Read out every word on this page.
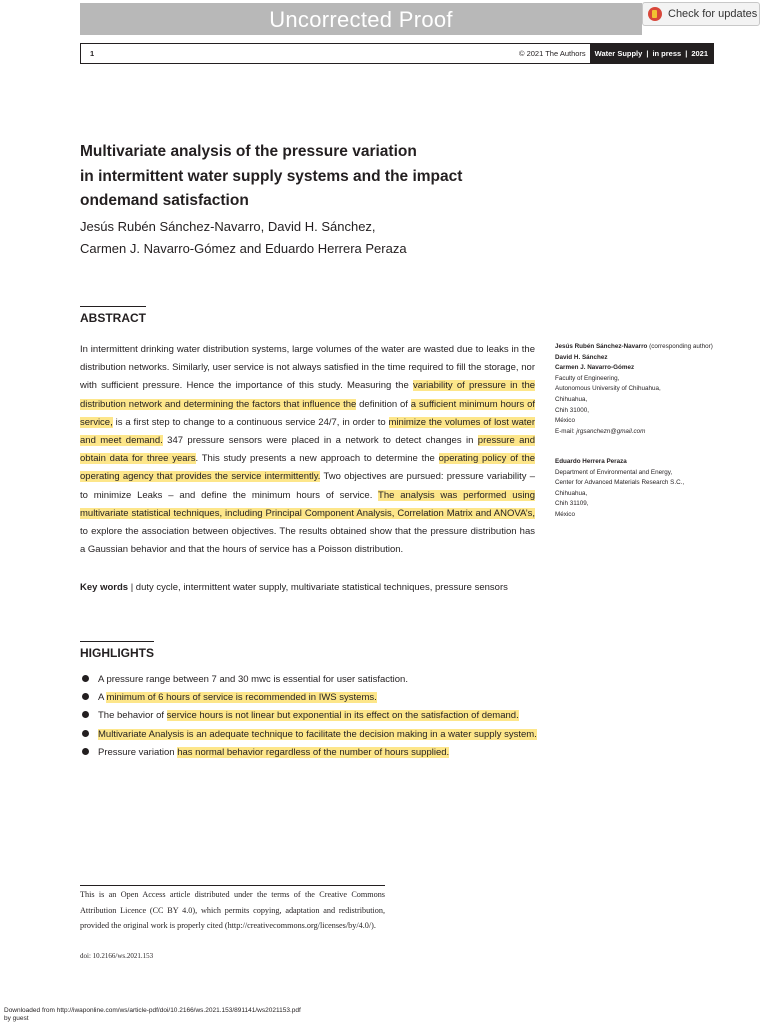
Uncorrected Proof	Check for updates
1	© 2021 The Authors Water Supply | in press | 2021
Multivariate analysis of the pressure variation
in intermittent water supply systems and the impact
ondemand satisfaction
Jesús Rubén Sánchez-Navarro, David H. Sánchez,
Carmen J. Navarro-Gómez and Eduardo Herrera Peraza
ABSTRACT
In intermittent drinking water distribution systems, large volumes of the water are wasted due to leaks in the distribution networks. Similarly, user service is not always satisfied in the time required to fill the storage, nor with sufficient pressure. Hence the importance of this study. Measuring the variability of pressure in the distribution network and determining the factors that influence the definition of a sufficient minimum hours of service, is a first step to change to a continuous service 24/7, in order to minimize the volumes of lost water and meet demand. 347 pressure sensors were placed in a network to detect changes in pressure and obtain data for three years. This study presents a new approach to determine the operating policy of the operating agency that provides the service intermittently. Two objectives are pursued: pressure variability – to minimize Leaks – and define the minimum hours of service. The analysis was performed using multivariate statistical techniques, including Principal Component Analysis, Correlation Matrix and ANOVA’s, to explore the association between objectives. The results obtained show that the pressure distribution has a Gaussian behavior and that the hours of service has a Poisson distribution.
Key words | duty cycle, intermittent water supply, multivariate statistical techniques, pressure sensors
Jesús Rubén Sánchez-Navarro (corresponding author)
David H. Sánchez
Carmen J. Navarro-Gómez
Faculty of Engineering,
Autonomous University of Chihuahua,
Chihuahua,
Chih 31000,
México
E-mail: jrgsanchezn@gmail.com
Eduardo Herrera Peraza
Department of Environmental and Energy,
Center for Advanced Materials Research S.C.,
Chihuahua,
Chih 31109,
México
HIGHLIGHTS
A pressure range between 7 and 30 mwc is essential for user satisfaction.
A minimum of 6 hours of service is recommended in IWS systems.
The behavior of service hours is not linear but exponential in its effect on the satisfaction of demand.
Multivariate Analysis is an adequate technique to facilitate the decision making in a water supply system.
Pressure variation has normal behavior regardless of the number of hours supplied.
This is an Open Access article distributed under the terms of the Creative Commons Attribution Licence (CC BY 4.0), which permits copying, adaptation and redistribution, provided the original work is properly cited (http://creativecommons.org/licenses/by/4.0/).
doi: 10.2166/ws.2021.153
Downloaded from http://iwaponline.com/ws/article-pdf/doi/10.2166/ws.2021.153/891141/ws2021153.pdf
by guest
